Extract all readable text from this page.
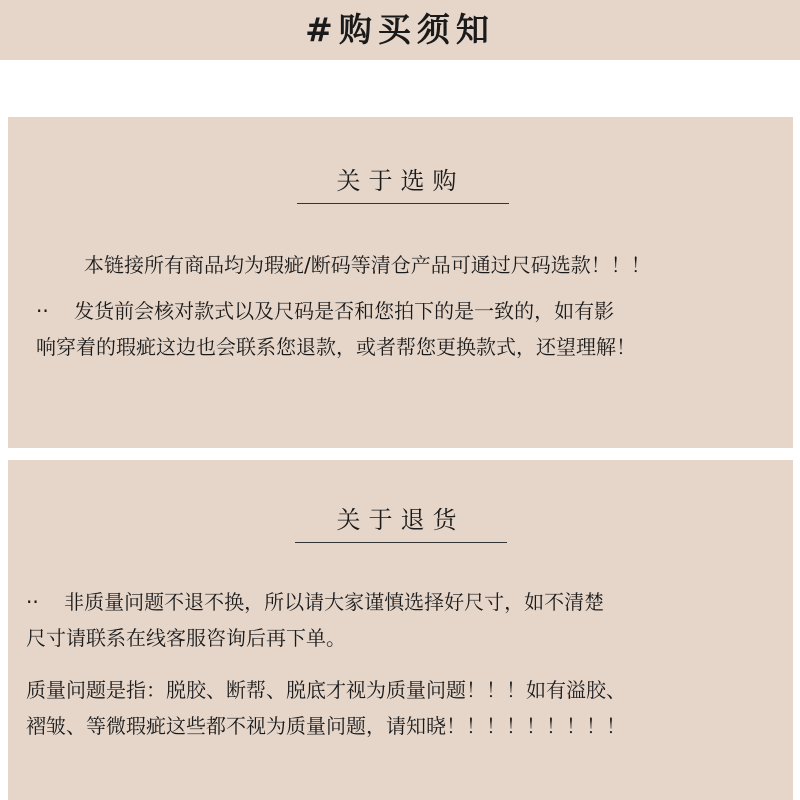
#购买须知
关于选购

本链接所有商品均为瑕疵/断码等清仓产品可通过尺码选款！！！

··    发货前会核对款式以及尺码是否和您拍下的是一致的，如有影

响穿着的瑕疵这边也会联系您退款，或者帮您更换款式，还望理解！

关于退货

··    非质量问题不退不换，所以请大家谨慎选择好尺寸，如不清楚

尺寸请联系在线客服咨询后再下单。

质量问题是指：脱胶、断帮、脱底才视为质量问题！！！如有溢胶、

褶皱、等微瑕疵这些都不视为质量问题，请知晓！！！！！！！！！
